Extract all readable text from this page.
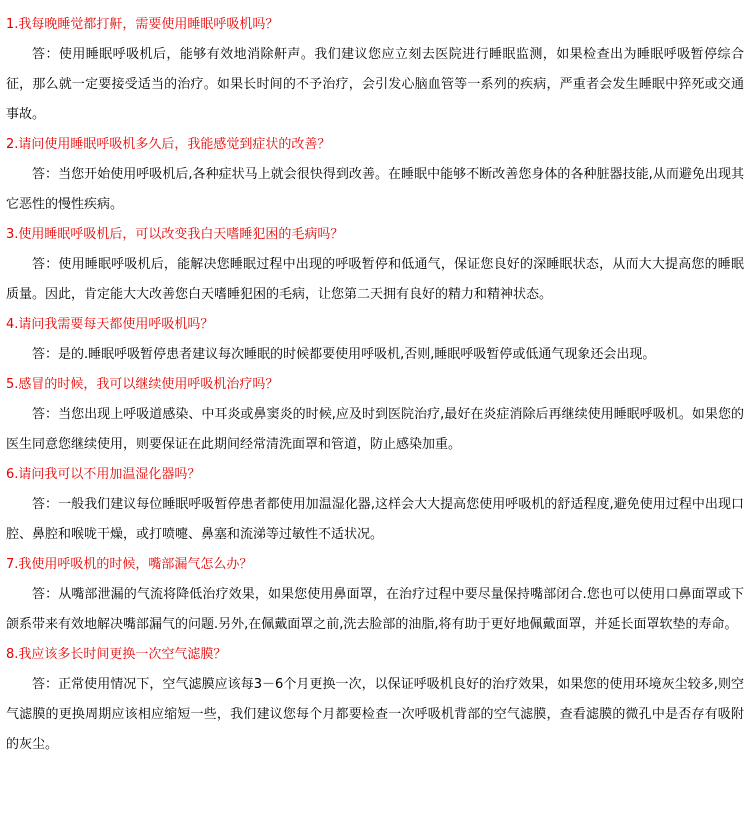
1.我每晚睡觉都打鼾，需要使用睡眠呼吸机吗？

答：使用睡眠呼吸机后，能够有效地消除鼾声。我们建议您应立刻去医院进行睡眠监测，如果检查出为睡眠呼吸暂停综合征，那么就一定要接受适当的治疗。如果长时间的不予治疗，会引发心脑血管等一系列的疾病，严重者会发生睡眠中猝死或交通事故。

2.请问使用睡眠呼吸机多久后，我能感觉到症状的改善？

答：当您开始使用呼吸机后,各种症状马上就会很快得到改善。在睡眠中能够不断改善您身体的各种脏器技能,从而避免出现其它恶性的慢性疾病。

3.使用睡眠呼吸机后，可以改变我白天嗜睡犯困的毛病吗？

答：使用睡眠呼吸机后，能解决您睡眠过程中出现的呼吸暂停和低通气，保证您良好的深睡眠状态，从而大大提高您的睡眠质量。因此，肯定能大大改善您白天嗜睡犯困的毛病，让您第二天拥有良好的精力和精神状态。

4.请问我需要每天都使用呼吸机吗？

答：是的.睡眠呼吸暂停患者建议每次睡眠的时候都要使用呼吸机,否则,睡眠呼吸暂停或低通气现象还会出现。

5.感冒的时候，我可以继续使用呼吸机治疗吗？

答：当您出现上呼吸道感染、中耳炎或鼻窦炎的时候,应及时到医院治疗,最好在炎症消除后再继续使用睡眠呼吸机。如果您的医生同意您继续使用，则要保证在此期间经常清洗面罩和管道，防止感染加重。

6.请问我可以不用加温湿化器吗？

答：一般我们建议每位睡眠呼吸暂停患者都使用加温湿化器,这样会大大提高您使用呼吸机的舒适程度,避免使用过程中出现口腔、鼻腔和喉咙干燥，或打喷嚏、鼻塞和流涕等过敏性不适状况。

7.我使用呼吸机的时候，嘴部漏气怎么办？

答：从嘴部泄漏的气流将降低治疗效果，如果您使用鼻面罩，在治疗过程中要尽量保持嘴部闭合.您也可以使用口鼻面罩或下颌系带来有效地解决嘴部漏气的问题.另外,在佩戴面罩之前,洗去脸部的油脂,将有助于更好地佩戴面罩，并延长面罩软垫的寿命。

8.我应该多长时间更换一次空气滤膜？

答：正常使用情况下，空气滤膜应该每3－6个月更换一次，以保证呼吸机良好的治疗效果，如果您的使用环境灰尘较多,则空气滤膜的更换周期应该相应缩短一些，我们建议您每个月都要检查一次呼吸机背部的空气滤膜，查看滤膜的微孔中是否存有吸附的灰尘。
